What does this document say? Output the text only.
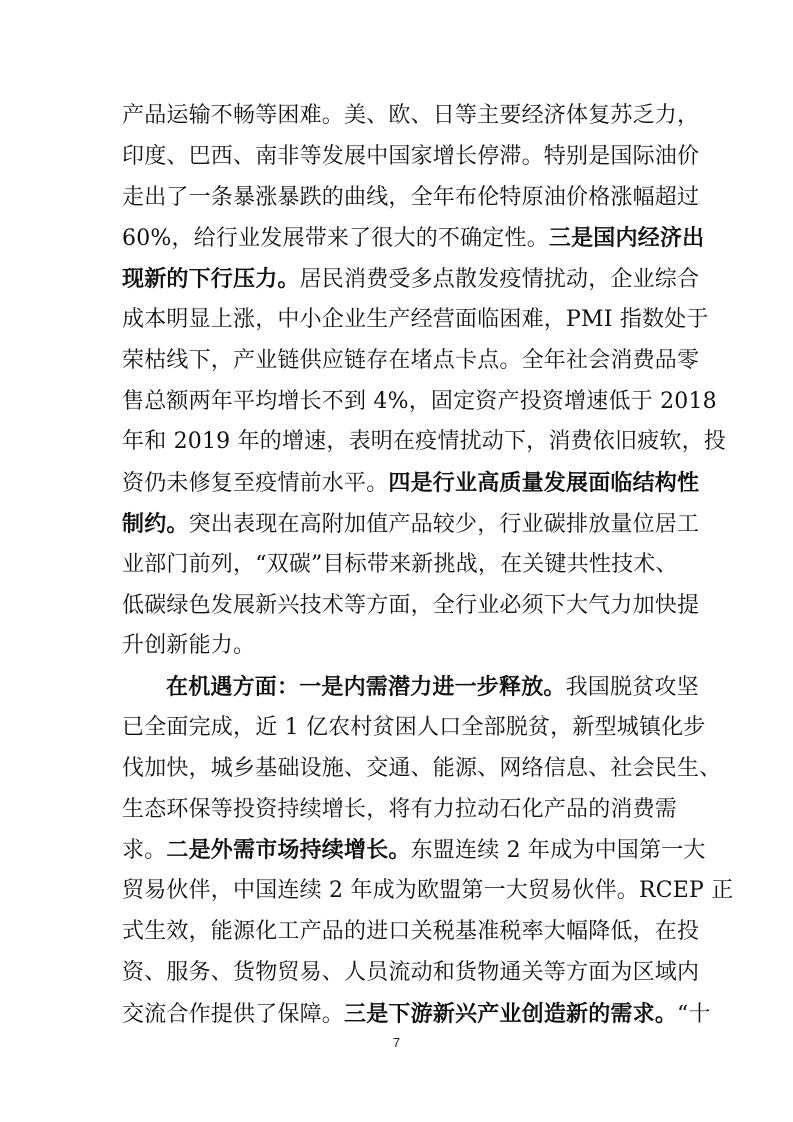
产品运输不畅等困难。美、欧、日等主要经济体复苏乏力，
印度、巴西、南非等发展中国家增长停滞。特别是国际油价
走出了一条暴涨暴跌的曲线，全年布伦特原油价格涨幅超过
60%，给行业发展带来了很大的不确定性。三是国内经济出
现新的下行压力。居民消费受多点散发疫情扰动，企业综合
成本明显上涨，中小企业生产经营面临困难，PMI 指数处于
荣枯线下，产业链供应链存在堵点卡点。全年社会消费品零
售总额两年平均增长不到 4%，固定资产投资增速低于 2018
年和 2019 年的增速，表明在疫情扰动下，消费依旧疲软，投
资仍未修复至疫情前水平。四是行业高质量发展面临结构性
制约。突出表现在高附加值产品较少，行业碳排放量位居工
业部门前列，“双碳”目标带来新挑战，在关键共性技术、
低碳绿色发展新兴技术等方面，全行业必须下大气力加快提
升创新能力。
在机遇方面：一是内需潜力进一步释放。我国脱贫攻坚
已全面完成，近 1 亿农村贫困人口全部脱贫，新型城镇化步
伐加快，城乡基础设施、交通、能源、网络信息、社会民生、
生态环保等投资持续增长，将有力拉动石化产品的消费需
求。二是外需市场持续增长。东盟连续 2 年成为中国第一大
贸易伙伴，中国连续 2 年成为欧盟第一大贸易伙伴。RCEP 正
式生效，能源化工产品的进口关税基准税率大幅降低，在投
资、服务、货物贸易、人员流动和货物通关等方面为区域内
交流合作提供了保障。三是下游新兴产业创造新的需求。“十
7
